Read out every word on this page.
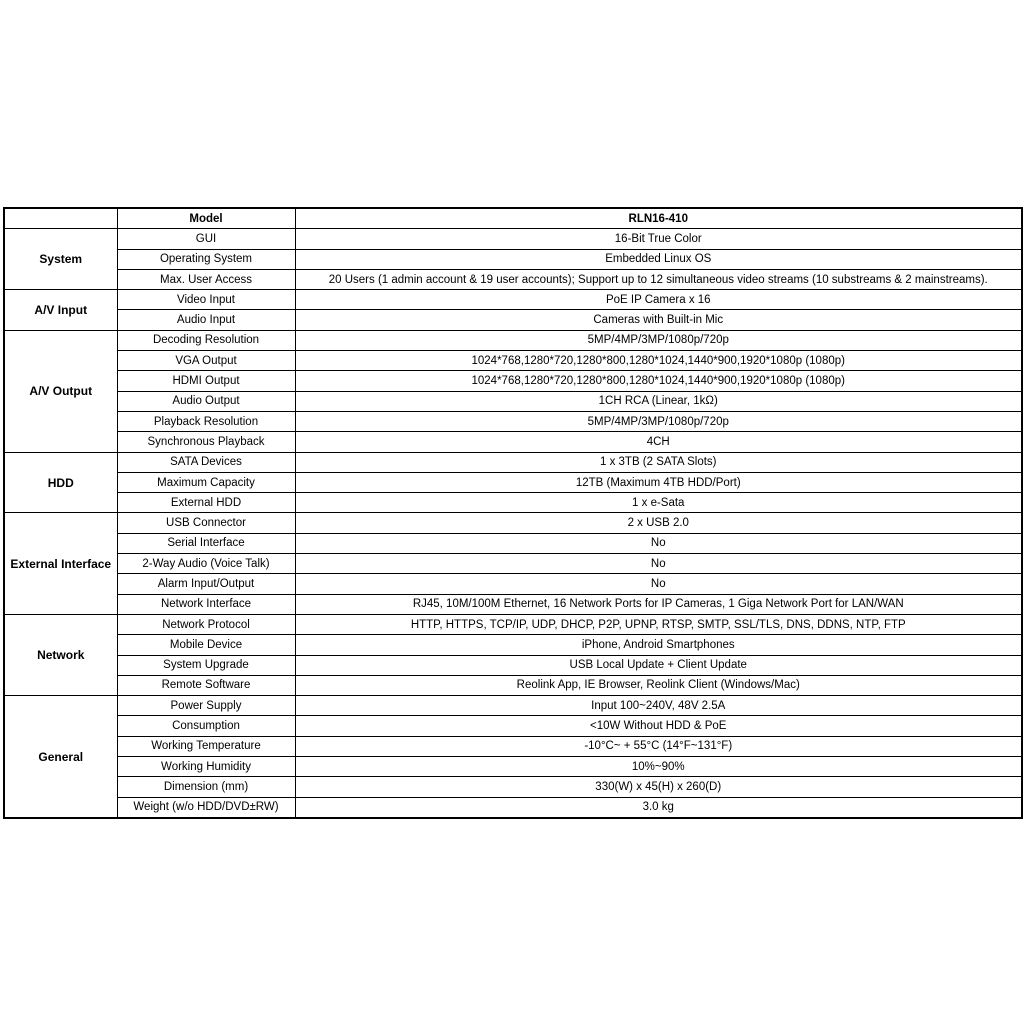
	Model	RLN16-410
System	GUI	16-Bit True Color
	Operating System	Embedded Linux OS
	Max. User Access	20 Users (1 admin account & 19 user accounts); Support up to 12 simultaneous video streams (10 substreams & 2 mainstreams).
A/V Input	Video Input	PoE IP Camera x 16
	Audio Input	Cameras with Built-in Mic
A/V Output	Decoding Resolution	5MP/4MP/3MP/1080p/720p
	VGA Output	1024*768,1280*720,1280*800,1280*1024,1440*900,1920*1080p (1080p)
	HDMI Output	1024*768,1280*720,1280*800,1280*1024,1440*900,1920*1080p (1080p)
	Audio Output	1CH RCA (Linear, 1kΩ)
	Playback Resolution	5MP/4MP/3MP/1080p/720p
	Synchronous Playback	4CH
HDD	SATA Devices	1 x 3TB (2 SATA Slots)
	Maximum Capacity	12TB (Maximum 4TB HDD/Port)
	External HDD	1 x e-Sata
External Interface	USB Connector	2 x USB 2.0
	Serial Interface	No
	2-Way Audio (Voice Talk)	No
	Alarm Input/Output	No
	Network Interface	RJ45, 10M/100M Ethernet, 16 Network Ports for IP Cameras, 1 Giga Network Port for LAN/WAN
Network	Network Protocol	HTTP, HTTPS, TCP/IP, UDP, DHCP, P2P, UPNP, RTSP, SMTP, SSL/TLS, DNS, DDNS, NTP, FTP
	Mobile Device	iPhone, Android Smartphones
	System Upgrade	USB Local Update + Client Update
	Remote Software	Reolink App, IE Browser, Reolink Client (Windows/Mac)
General	Power Supply	Input 100~240V, 48V 2.5A
	Consumption	<10W Without HDD & PoE
	Working Temperature	-10°C~ + 55°C (14°F~131°F)
	Working Humidity	10%~90%
	Dimension (mm)	330(W) x 45(H) x 260(D)
	Weight (w/o HDD/DVD±RW)	3.0 kg
